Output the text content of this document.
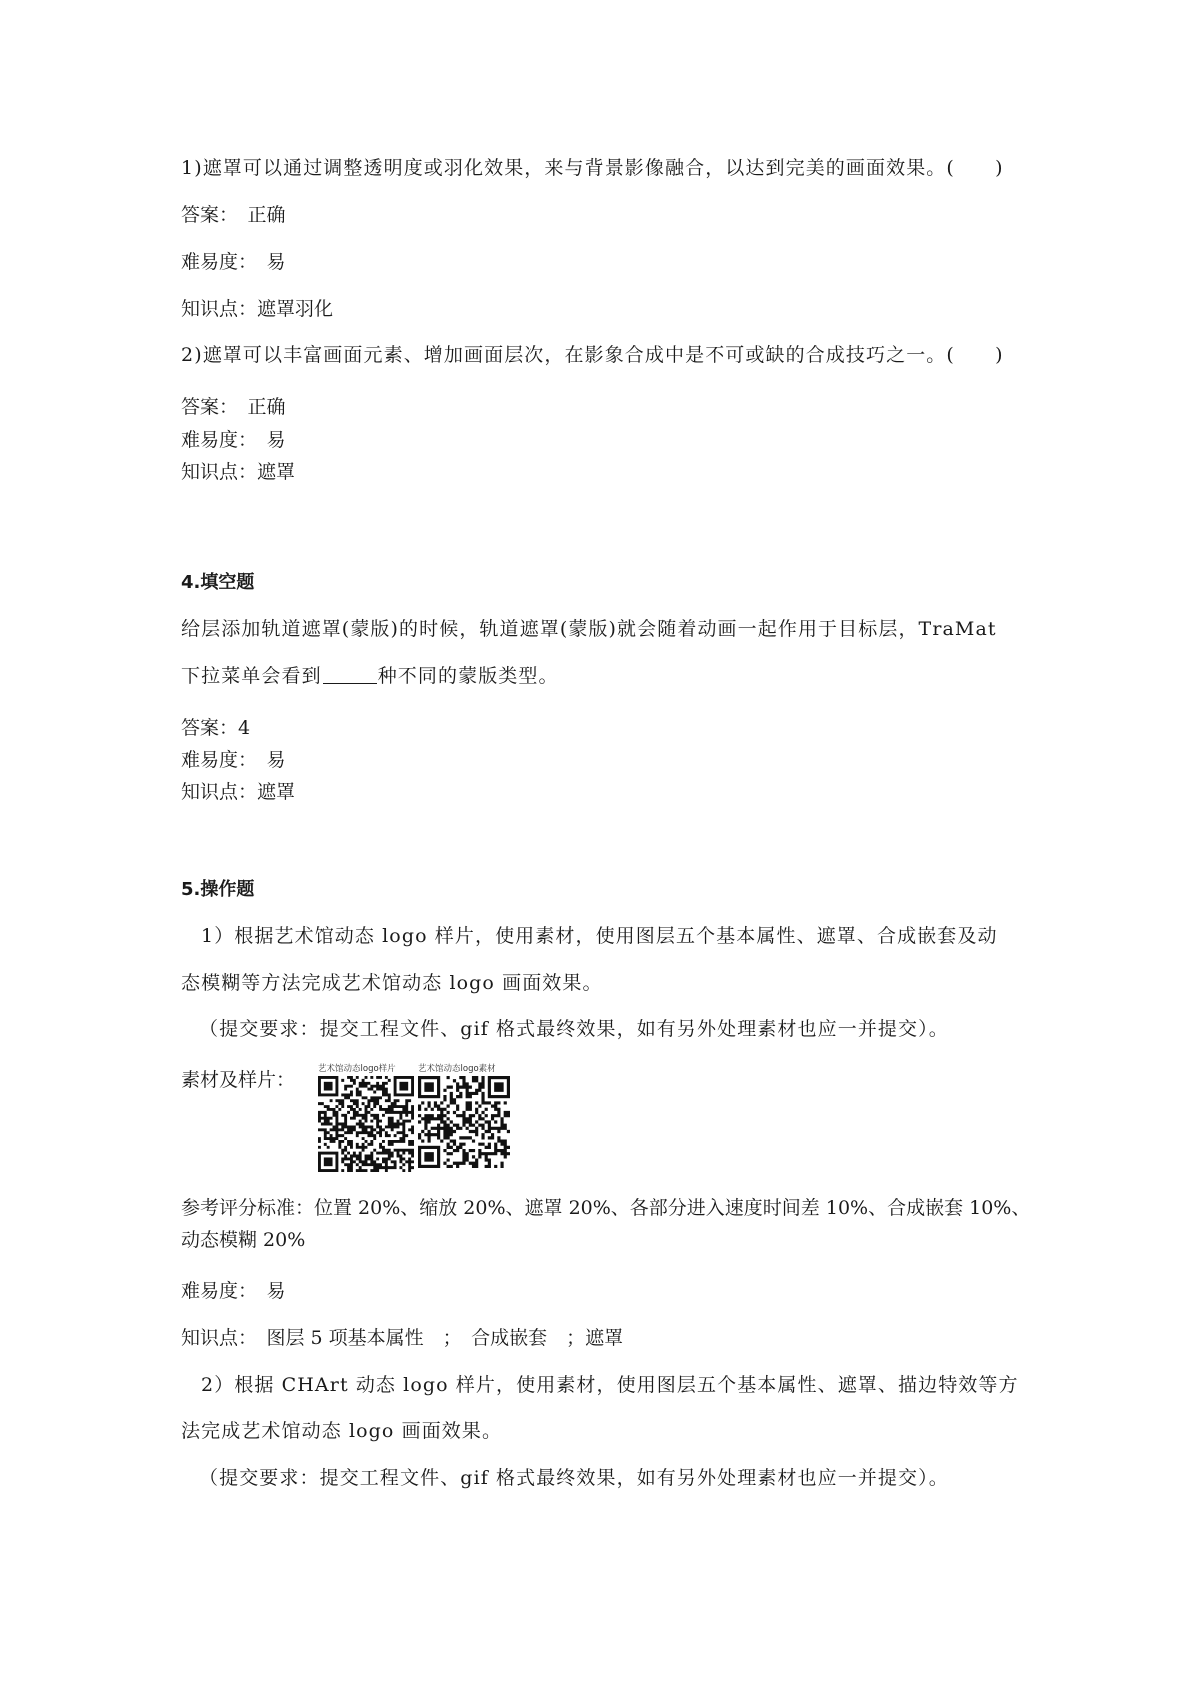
1)遮罩可以通过调整透明度或羽化效果，来与背景影像融合，以达到完美的画面效果。(　　)
答案：　正确
难易度：　易
知识点：遮罩羽化
2)遮罩可以丰富画面元素、增加画面层次，在影象合成中是不可或缺的合成技巧之一。(　　)
答案：　正确
难易度：　易
知识点：遮罩
4.填空题
给层添加轨道遮罩(蒙版)的时候，轨道遮罩(蒙版)就会随着动画一起作用于目标层，TraMat
下拉菜单会看到	种不同的蒙版类型。
答案：4
难易度：　易
知识点：遮罩
5.操作题
1）根据艺术馆动态 logo 样片，使用素材，使用图层五个基本属性、遮罩、合成嵌套及动
态模糊等方法完成艺术馆动态 logo 画面效果。
（提交要求：提交工程文件、gif 格式最终效果，如有另外处理素材也应一并提交）。
素材及样片：	艺术馆动态logo样片	艺术馆动态logo素材
参考评分标准：位置 20%、缩放 20%、遮罩 20%、各部分进入速度时间差 10%、合成嵌套 10%、
动态模糊 20%
难易度：　易
知识点：　图层 5 项基本属性　；　合成嵌套　；遮罩
2）根据 CHArt 动态 logo 样片，使用素材，使用图层五个基本属性、遮罩、描边特效等方
法完成艺术馆动态 logo 画面效果。
（提交要求：提交工程文件、gif 格式最终效果，如有另外处理素材也应一并提交）。
